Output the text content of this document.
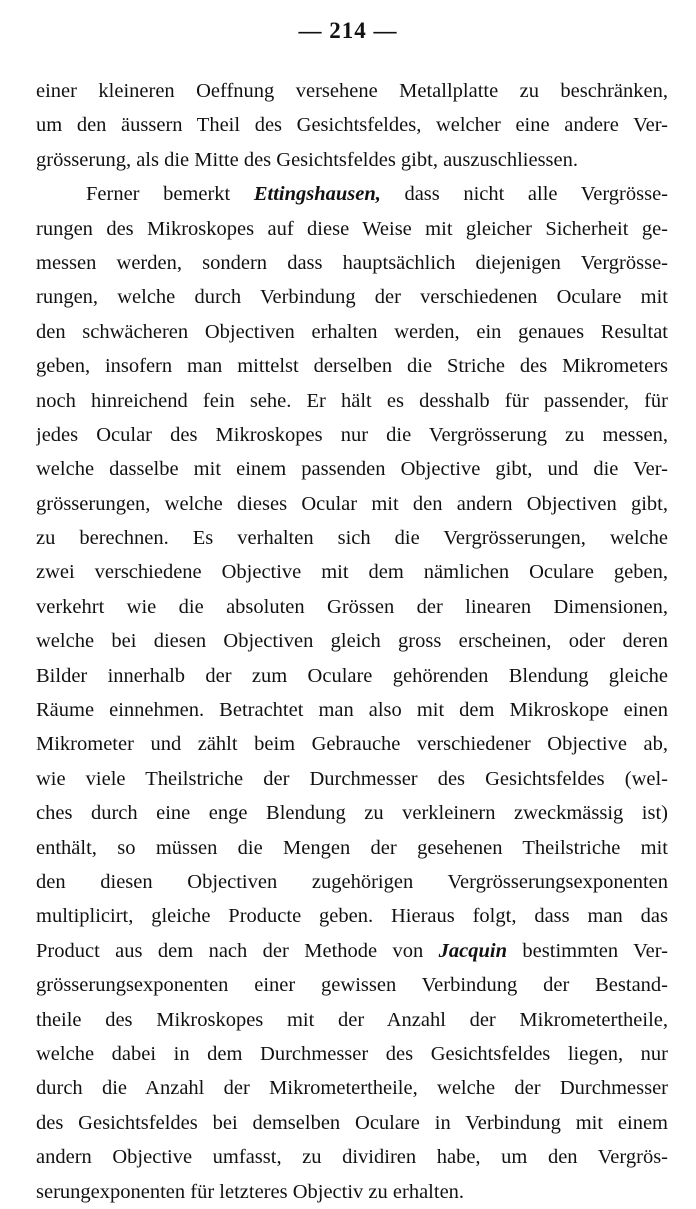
— 214 —
einer kleineren Oeffnung versehene Metallplatte zu beschränken,
um den äussern Theil des Gesichtsfeldes, welcher eine andere Ver-
grösserung, als die Mitte des Gesichtsfeldes gibt, auszuschliessen.
Ferner bemerkt Ettingshausen, dass nicht alle Vergrösse-
rungen des Mikroskopes auf diese Weise mit gleicher Sicherheit ge-
messen werden, sondern dass hauptsächlich diejenigen Vergrösse-
rungen, welche durch Verbindung der verschiedenen Oculare mit
den schwächeren Objectiven erhalten werden, ein genaues Resultat
geben, insofern man mittelst derselben die Striche des Mikrometers
noch hinreichend fein sehe. Er hält es desshalb für passender, für
jedes Ocular des Mikroskopes nur die Vergrösserung zu messen,
welche dasselbe mit einem passenden Objective gibt, und die Ver-
grösserungen, welche dieses Ocular mit den andern Objectiven gibt,
zu berechnen. Es verhalten sich die Vergrösserungen, welche
zwei verschiedene Objective mit dem nämlichen Oculare geben,
verkehrt wie die absoluten Grössen der linearen Dimensionen,
welche bei diesen Objectiven gleich gross erscheinen, oder deren
Bilder innerhalb der zum Oculare gehörenden Blendung gleiche
Räume einnehmen. Betrachtet man also mit dem Mikroskope einen
Mikrometer und zählt beim Gebrauche verschiedener Objective ab,
wie viele Theilstriche der Durchmesser des Gesichtsfeldes (wel-
ches durch eine enge Blendung zu verkleinern zweckmässig ist)
enthält, so müssen die Mengen der gesehenen Theilstriche mit
den diesen Objectiven zugehörigen Vergrösserungsexponenten
multiplicirt, gleiche Producte geben. Hieraus folgt, dass man das
Product aus dem nach der Methode von Jacquin bestimmten Ver-
grösserungsexponenten einer gewissen Verbindung der Bestand-
theile des Mikroskopes mit der Anzahl der Mikrometertheile,
welche dabei in dem Durchmesser des Gesichtsfeldes liegen, nur
durch die Anzahl der Mikrometertheile, welche der Durchmesser
des Gesichtsfeldes bei demselben Oculare in Verbindung mit einem
andern Objective umfasst, zu dividiren habe, um den Vergrös-
serungexponenten für letzteres Objectiv zu erhalten.
